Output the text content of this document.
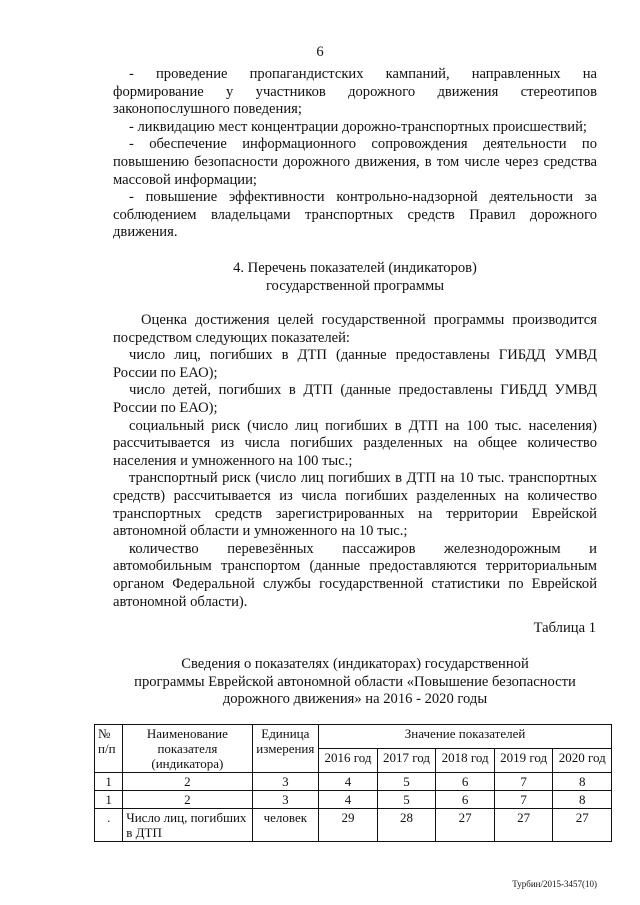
6

- проведение пропагандистских кампаний, направленных на формирование у участников дорожного движения стереотипов законопослушного поведения;

- ликвидацию мест концентрации дорожно-транспортных происшествий;

- обеспечение информационного сопровождения деятельности по повышению безопасности дорожного движения, в том числе через средства массовой информации;

- повышение эффективности контрольно-надзорной деятельности за соблюдением владельцами транспортных средств Правил дорожного движения.

4. Перечень показателей (индикаторов)

государственной программы

Оценка достижения целей государственной программы производится посредством следующих показателей:

число лиц, погибших в ДТП (данные предоставлены ГИБДД УМВД России по ЕАО);

число детей, погибших в ДТП (данные предоставлены ГИБДД УМВД России по ЕАО);

социальный риск (число лиц погибших в ДТП на 100 тыс. населения) рассчитывается из числа погибших разделенных на общее количество населения и умноженного на 100 тыс.;

транспортный риск (число лиц погибших в ДТП на 10 тыс. транспортных средств) рассчитывается из числа погибших разделенных на количество транспортных средств зарегистрированных на территории Еврейской автономной области и умноженного на 10 тыс.;

количество перевезённых пассажиров железнодорожным и автомобильным транспортом (данные предоставляются территориальным органом Федеральной службы государственной статистики по Еврейской автономной области).

Таблица 1
Сведения о показателях (индикаторах) государственной
программы Еврейской автономной области «Повышение безопасности
дорожного движения» на 2016 - 2020 годы
№ п/п	Наименование показателя (индикатора)	Единица измерения	Значение показателей				
			2016 год	2017 год	2018 год	2019 год	2020 год
1	2	3	4	5	6	7	8
1	2	3	4	5	6	7	8
.	Число лиц, погибших в ДТП	человек	29	28	27	27	27
Турбин/2015-3457(10)
